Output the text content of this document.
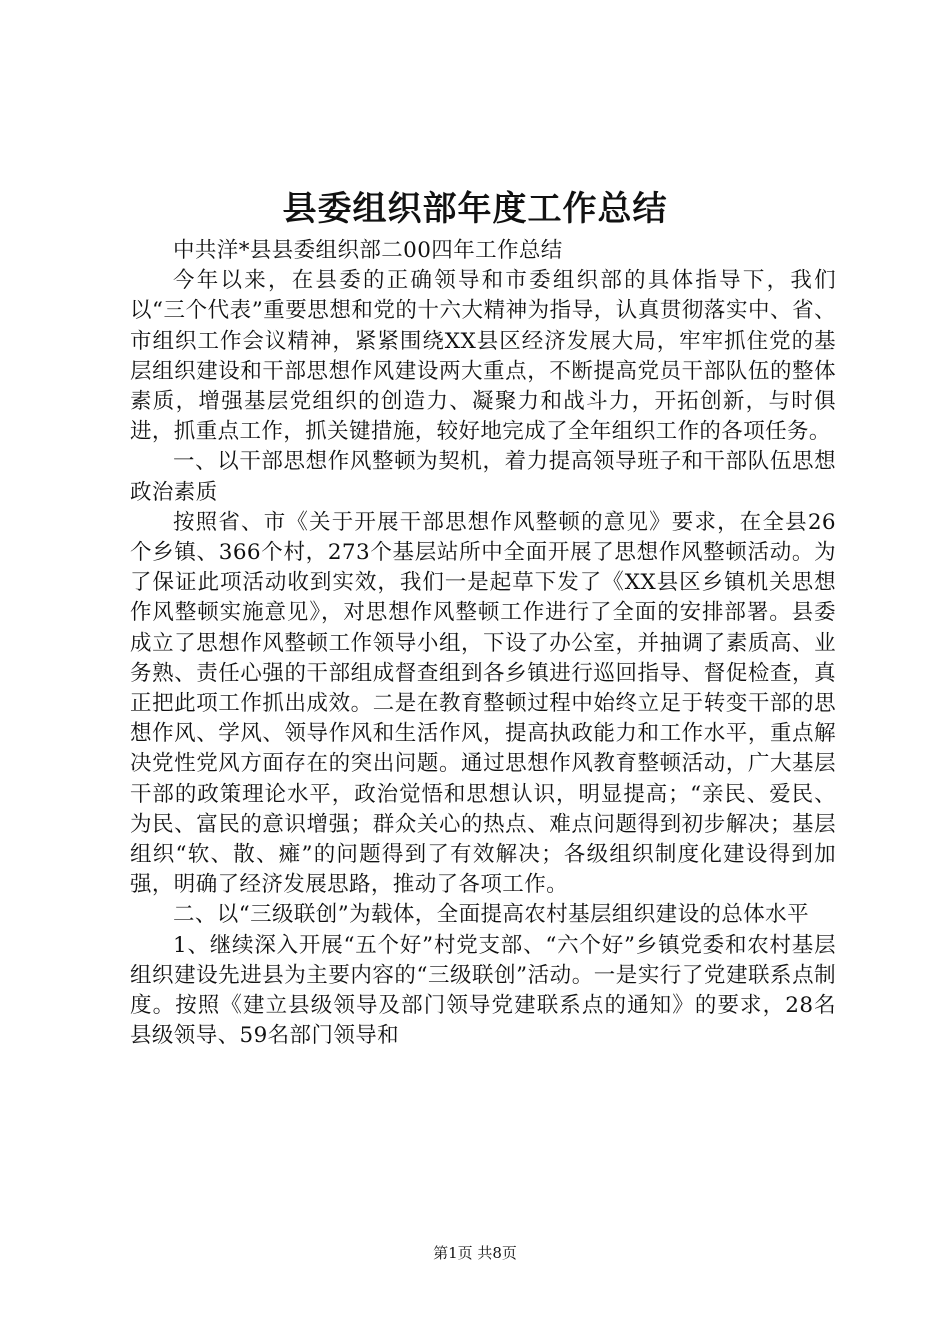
县委组织部年度工作总结

中共洋*县县委组织部二00四年工作总结

今年以来，在县委的正确领导和市委组织部的具体指导下，我们以“三个代表”重要思想和党的十六大精神为指导，认真贯彻落实中、省、市组织工作会议精神，紧紧围绕XX县区经济发展大局，牢牢抓住党的基层组织建设和干部思想作风建设两大重点，不断提高党员干部队伍的整体素质，增强基层党组织的创造力、凝聚力和战斗力，开拓创新，与时俱进，抓重点工作，抓关键措施，较好地完成了全年组织工作的各项任务。

一、以干部思想作风整顿为契机，着力提高领导班子和干部队伍思想政治素质

按照省、市《关于开展干部思想作风整顿的意见》要求，在全县26个乡镇、366个村，273个基层站所中全面开展了思想作风整顿活动。为了保证此项活动收到实效，我们一是起草下发了《XX县区乡镇机关思想作风整顿实施意见》，对思想作风整顿工作进行了全面的安排部署。县委成立了思想作风整顿工作领导小组，下设了办公室，并抽调了素质高、业务熟、责任心强的干部组成督查组到各乡镇进行巡回指导、督促检查，真正把此项工作抓出成效。二是在教育整顿过程中始终立足于转变干部的思想作风、学风、领导作风和生活作风，提高执政能力和工作水平，重点解决党性党风方面存在的突出问题。通过思想作风教育整顿活动，广大基层干部的政策理论水平，政治觉悟和思想认识，明显提高；“亲民、爱民、为民、富民的意识增强；群众关心的热点、难点问题得到初步解决；基层组织“软、散、瘫”的问题得到了有效解决；各级组织制度化建设得到加强，明确了经济发展思路，推动了各项工作。

二、以“三级联创”为载体，全面提高农村基层组织建设的总体水平

1、继续深入开展“五个好”村党支部、“六个好”乡镇党委和农村基层组织建设先进县为主要内容的“三级联创”活动。一是实行了党建联系点制度。按照《建立县级领导及部门领导党建联系点的通知》的要求，28名县级领导、59名部门领导和

第1页 共8页
